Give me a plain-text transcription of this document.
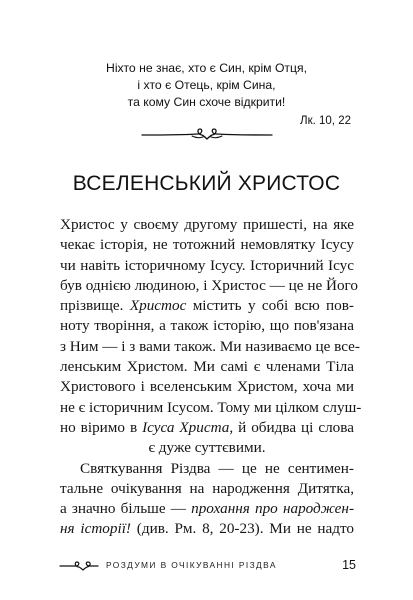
Ніхто не знає, хто є Син, крім Отця,
і хто є Отець, крім Сина,
та кому Син схоче відкрити!
Лк. 10, 22
ВСЕЛЕНСЬКИЙ ХРИСТОС
Христос у своєму другому пришесті, на яке
чекає історія, не тотожний немовлятку Ісусу
чи навіть історичному Ісусу. Історичний Ісус
був однією людиною, і Христос — це не Його
прізвище. Христос містить у собі всю пов-
ноту творіння, а також історію, що пов'язана
з Ним — і з вами також. Ми називаємо це все-
ленським Христом. Ми самі є членами Тіла
Христового і вселенським Христом, хоча ми
не є історичним Ісусом. Тому ми цілком слуш-
но віримо в Ісуса Христа, й обидва ці слова
є дуже суттєвими.
Святкування Різдва — це не сентимен-
тальне очікування на народження Дитятка,
а значно більше — прохання про народжен-
ня історії! (див. Рм. 8, 20-23). Ми не надто
РОЗДУМИ В ОЧІКУВАННІ РІЗДВА	15
